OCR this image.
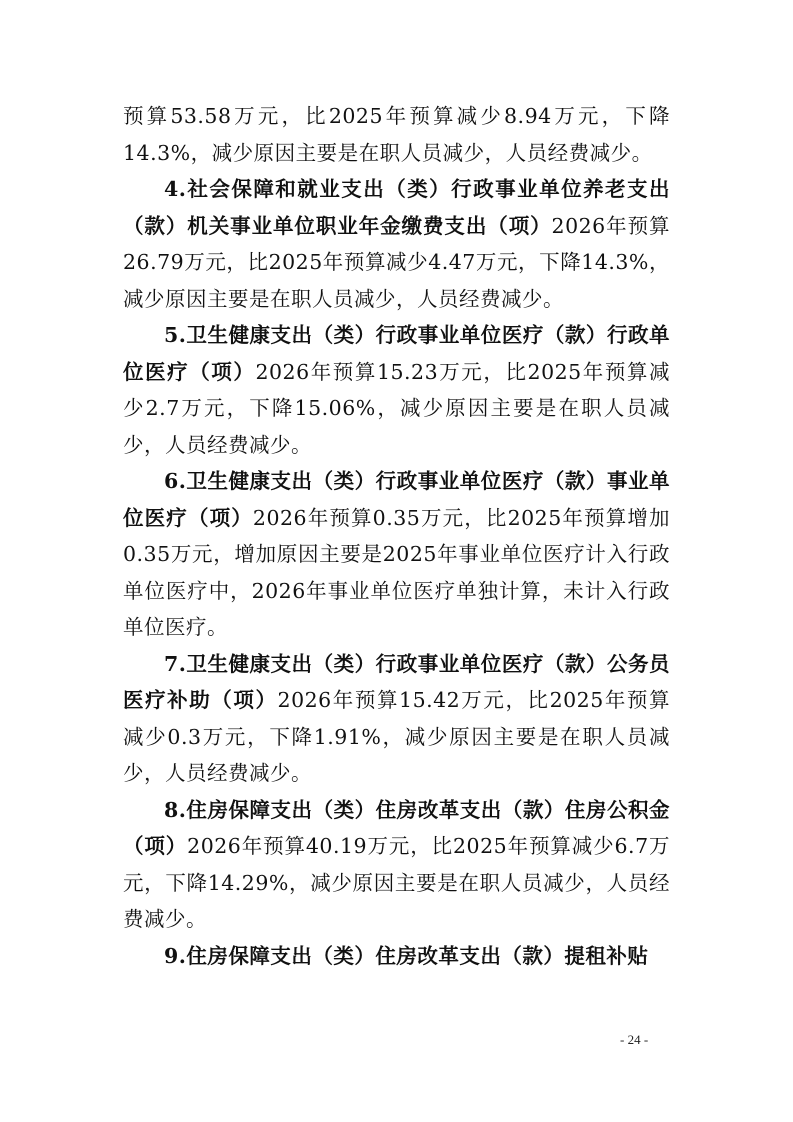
预算53.58万元，比2025年预算减少8.94万元，下降14.3%，减少原因主要是在职人员减少，人员经费减少。

4.社会保障和就业支出（类）行政事业单位养老支出（款）机关事业单位职业年金缴费支出（项）2026年预算26.79万元，比2025年预算减少4.47万元，下降14.3%，减少原因主要是在职人员减少，人员经费减少。

5.卫生健康支出（类）行政事业单位医疗（款）行政单位医疗（项）2026年预算15.23万元，比2025年预算减少2.7万元，下降15.06%，减少原因主要是在职人员减少，人员经费减少。

6.卫生健康支出（类）行政事业单位医疗（款）事业单位医疗（项）2026年预算0.35万元，比2025年预算增加0.35万元，增加原因主要是2025年事业单位医疗计入行政单位医疗中，2026年事业单位医疗单独计算，未计入行政单位医疗。

7.卫生健康支出（类）行政事业单位医疗（款）公务员医疗补助（项）2026年预算15.42万元，比2025年预算减少0.3万元，下降1.91%，减少原因主要是在职人员减少，人员经费减少。

8.住房保障支出（类）住房改革支出（款）住房公积金（项）2026年预算40.19万元，比2025年预算减少6.7万元，下降14.29%，减少原因主要是在职人员减少，人员经费减少。

9.住房保障支出（类）住房改革支出（款）提租补贴

- 24 -
